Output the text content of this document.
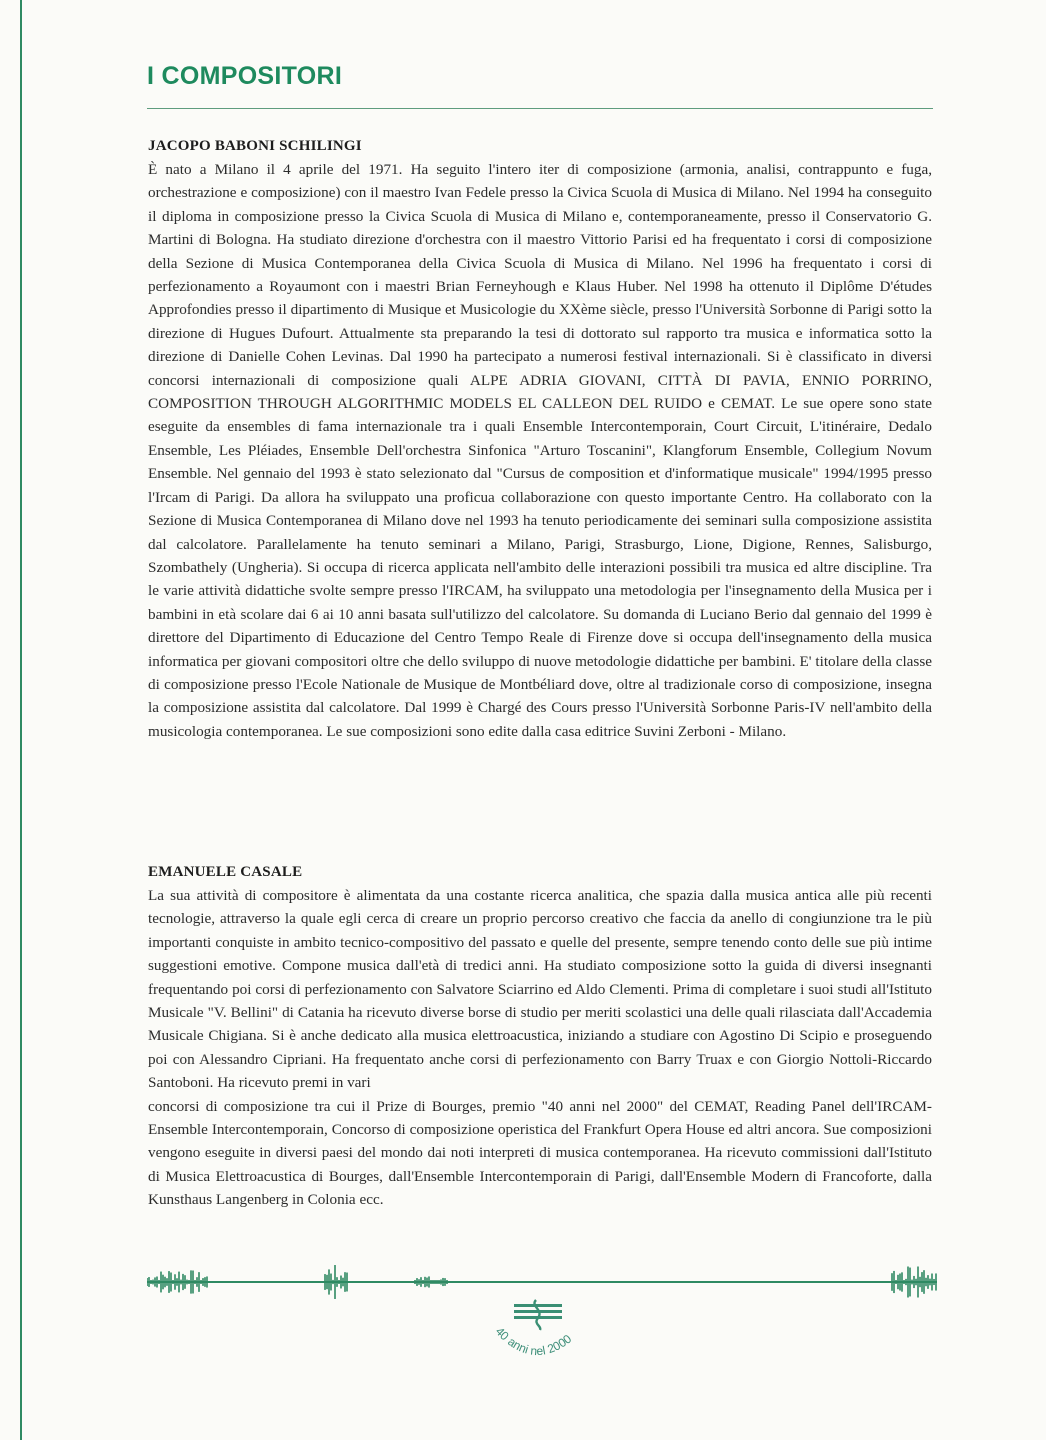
I COMPOSITORI
JACOPO BABONI SCHILINGI

È nato a Milano il 4 aprile del 1971. Ha seguito l'intero iter di composizione (armonia, analisi, contrappunto e fuga, orchestrazione e composizione) con il maestro Ivan Fedele presso la Civica Scuola di Musica di Milano. Nel 1994 ha conseguito il diploma in composizione presso la Civica Scuola di Musica di Milano e, contemporaneamente, presso il Conservatorio G. Martini di Bologna. Ha studiato direzione d'orchestra con il maestro Vittorio Parisi ed ha frequentato i corsi di composizione della Sezione di Musica Contemporanea della Civica Scuola di Musica di Milano. Nel 1996 ha frequentato i corsi di perfezionamento a Royaumont con i maestri Brian Ferneyhough e Klaus Huber. Nel 1998 ha ottenuto il Diplôme D'études Approfondies presso il dipartimento di Musique et Musicologie du XXème siècle, presso l'Università Sorbonne di Parigi sotto la direzione di Hugues Dufourt. Attualmente sta preparando la tesi di dottorato sul rapporto tra musica e informatica sotto la direzione di Danielle Cohen Levinas. Dal 1990 ha partecipato a numerosi festival internazionali. Si è classificato in diversi concorsi internazionali di composizione quali ALPE ADRIA GIOVANI, CITTÀ DI PAVIA, ENNIO PORRINO, COMPOSITION THROUGH ALGORITHMIC MODELS EL CALLEON DEL RUIDO e CEMAT. Le sue opere sono state eseguite da ensembles di fama internazionale tra i quali Ensemble Intercontemporain, Court Circuit, L'itinéraire, Dedalo Ensemble, Les Pléiades, Ensemble Dell'orchestra Sinfonica "Arturo Toscanini", Klangforum Ensemble, Collegium Novum Ensemble. Nel gennaio del 1993 è stato selezionato dal "Cursus de composition et d'informatique musicale" 1994/1995 presso l'Ircam di Parigi. Da allora ha sviluppato una proficua collaborazione con questo importante Centro. Ha collaborato con la Sezione di Musica Contemporanea di Milano dove nel 1993 ha tenuto periodicamente dei seminari sulla composizione assistita dal calcolatore. Parallelamente ha tenuto seminari a Milano, Parigi, Strasburgo, Lione, Digione, Rennes, Salisburgo, Szombathely (Ungheria). Si occupa di ricerca applicata nell'ambito delle interazioni possibili tra musica ed altre discipline. Tra le varie attività didattiche svolte sempre presso l'IRCAM, ha sviluppato una metodologia per l'insegnamento della Musica per i bambini in età scolare dai 6 ai 10 anni basata sull'utilizzo del calcolatore. Su domanda di Luciano Berio dal gennaio del 1999 è direttore del Dipartimento di Educazione del Centro Tempo Reale di Firenze dove si occupa dell'insegnamento della musica informatica per giovani compositori oltre che dello sviluppo di nuove metodologie didattiche per bambini. E' titolare della classe di composizione presso l'Ecole Nationale de Musique de Montbéliard dove, oltre al tradizionale corso di composizione, insegna la composizione assistita dal calcolatore. Dal 1999 è Chargé des Cours presso l'Università Sorbonne Paris-IV nell'ambito della musicologia contemporanea. Le sue composizioni sono edite dalla casa editrice Suvini Zerboni - Milano.

EMANUELE CASALE

La sua attività di compositore è alimentata da una costante ricerca analitica, che spazia dalla musica antica alle più recenti tecnologie, attraverso la quale egli cerca di creare un proprio percorso creativo che faccia da anello di congiunzione tra le più importanti conquiste in ambito tecnico-compositivo del passato e quelle del presente, sempre tenendo conto delle sue più intime suggestioni emotive. Compone musica dall'età di tredici anni. Ha studiato composizione sotto la guida di diversi insegnanti frequentando poi corsi di perfezionamento con Salvatore Sciarrino ed Aldo Clementi. Prima di completare i suoi studi all'Istituto Musicale "V. Bellini" di Catania ha ricevuto diverse borse di studio per meriti scolastici una delle quali rilasciata dall'Accademia Musicale Chigiana. Si è anche dedicato alla musica elettroacustica, iniziando a studiare con Agostino Di Scipio e proseguendo poi con Alessandro Cipriani. Ha frequentato anche corsi di perfezionamento con Barry Truax e con Giorgio Nottoli-Riccardo Santoboni. Ha ricevuto premi in vari

concorsi di composizione tra cui il Prize di Bourges, premio "40 anni nel 2000" del CEMAT, Reading Panel dell'IRCAM-Ensemble Intercontemporain, Concorso di composizione operistica del Frankfurt Opera House ed altri ancora. Sue composizioni vengono eseguite in diversi paesi del mondo dai noti interpreti di musica contemporanea. Ha ricevuto commissioni dall'Istituto di Musica Elettroacustica di Bourges, dall'Ensemble Intercontemporain di Parigi, dall'Ensemble Modern di Francoforte, dalla Kunsthaus Langenberg in Colonia ecc.

40 anni nel 2000
